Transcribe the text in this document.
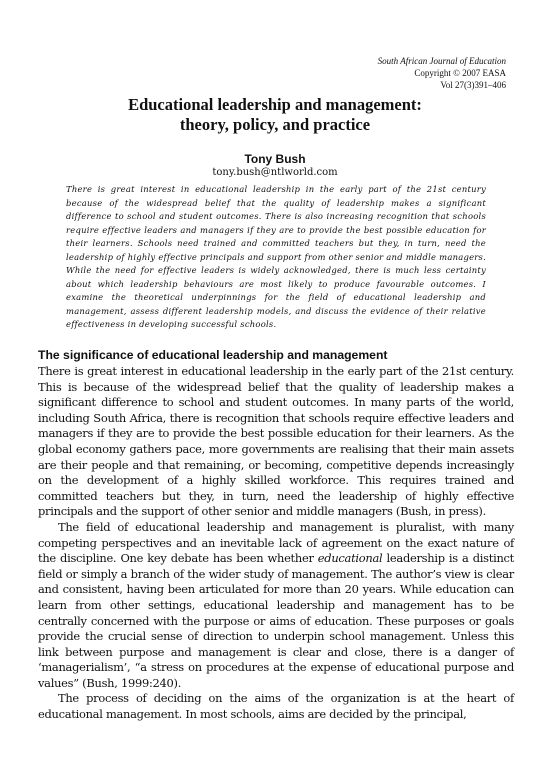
South African Journal of Education
Copyright © 2007 EASA
Vol 27(3)391–406
Educational leadership and management:
theory, policy, and practice
Tony Bush
tony.bush@ntlworld.com
There is great interest in educational leadership in the early part of the 21st century because of the widespread belief that the quality of leadership makes a significant difference to school and student outcomes. There is also increasing recognition that schools require effective leaders and managers if they are to provide the best possible education for their learners. Schools need trained and committed teachers but they, in turn, need the leadership of highly effective principals and support from other senior and middle managers. While the need for effective leaders is widely acknowledged, there is much less certainty about which leadership behaviours are most likely to produce favourable outcomes. I examine the theoretical underpinnings for the field of educational leadership and management, assess different leadership models, and discuss the evidence of their relative effectiveness in developing successful schools.
The significance of educational leadership and management

There is great interest in educational leadership in the early part of the 21st century. This is because of the widespread belief that the quality of leadership makes a significant difference to school and student outcomes. In many parts of the world, including South Africa, there is recognition that schools require effective leaders and managers if they are to provide the best possible education for their learners. As the global economy gathers pace, more governments are realising that their main assets are their people and that remaining, or becoming, competitive depends increasingly on the development of a highly skilled workforce. This requires trained and committed teachers but they, in turn, need the leadership of highly effective principals and the support of other senior and middle managers (Bush, in press).

The field of educational leadership and management is pluralist, with many competing perspectives and an inevitable lack of agreement on the exact nature of the discipline. One key debate has been whether educational leadership is a distinct field or simply a branch of the wider study of management. The author’s view is clear and consistent, having been articulated for more than 20 years. While education can learn from other settings, educational leadership and management has to be centrally concerned with the purpose or aims of education. These purposes or goals provide the crucial sense of direction to underpin school management. Unless this link between purpose and management is clear and close, there is a danger of ‘managerialism’, “a stress on procedures at the expense of educational purpose and values” (Bush, 1999:240).

The process of deciding on the aims of the organization is at the heart of educational management. In most schools, aims are decided by the principal,
